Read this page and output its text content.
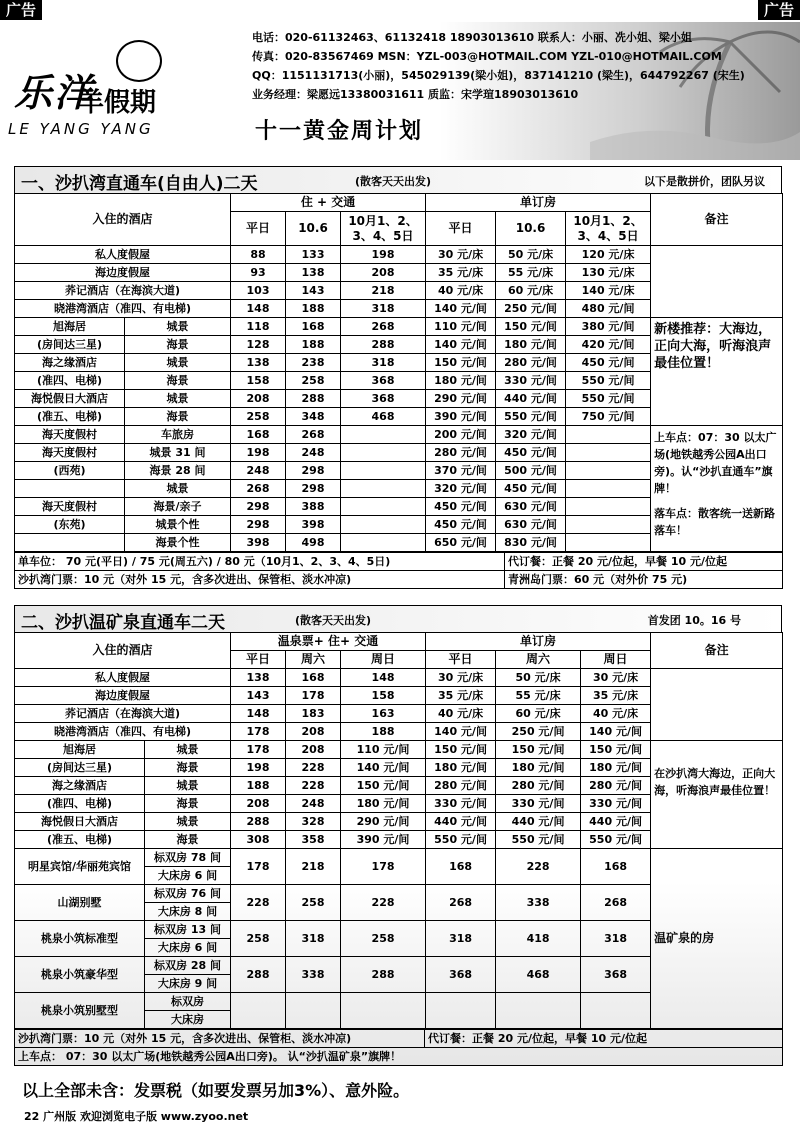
广告	广告
乐洋
羊假期
LE YANG YANG
电话：020-61132463、61132418 18903013610 联系人：小丽、冼小姐、梁小姐
传真：020-83567469 MSN：YZL-003@HOTMAIL.COM YZL-010@HOTMAIL.COM
QQ：1151131713(小丽)，545029139(梁小姐)，837141210 (梁生)，644792267 (宋生)
业务经理：梁愿远13380031611 质监：宋学瑄18903013610
十一黄金周计划
一、沙扒湾直通车(自由人)二天	(散客天天出发)	以下是散拼价，团队另议
入住的酒店		住 + 交通			单订房			备注
		平日	10.6	10月1、2、3、4、5日	平日	10.6	10月1、2、3、4、5日	
私人度假屋		88	133	198	30 元/床	50 元/床	120 元/床	
海边度假屋		93	138	208	35 元/床	55 元/床	130 元/床	
荞记酒店（在海滨大道)		103	143	218	40 元/床	60 元/床	140 元/床	
晓港湾酒店（准四、有电梯)		148	188	318	140 元/间	250 元/间	480 元/间	
旭海居	城景	118	168	268	110 元/间	150 元/间	380 元/间	新楼推荐：大海边，正向大海，听海浪声最佳位置！
(房间达三星)	海景	128	188	288	140 元/间	180 元/间	420 元/间	
海之缘酒店	城景	138	238	318	150 元/间	280 元/间	450 元/间	
(准四、电梯)	海景	158	258	368	180 元/间	330 元/间	550 元/间	
海悦假日大酒店	城景	208	288	368	290 元/间	440 元/间	550 元/间	
(准五、电梯)	海景	258	348	468	390 元/间	550 元/间	750 元/间	
海天度假村	车旅房	168	268		200 元/间	320 元/间		上车点：07：30 以太广场(地铁越秀公园A出口旁)。认“沙扒直通车”旗牌！
落车点：散客统一送新路落车！

海天度假村	城景 31 间	198	248		280 元/间	450 元/间		
(西苑)	海景 28 间	248	298		370 元/间	500 元/间		
	城景	268	298		320 元/间	450 元/间		
海天度假村	海景/亲子	298	388		450 元/间	630 元/间		
(东苑)	城景个性	298	398		450 元/间	630 元/间		
	海景个性	398	498		650 元/间	830 元/间		
单车位： 70 元(平日) / 75 元(周五六) / 80 元（10月1、2、3、4、5日)	代订餐：正餐 20 元/位起，早餐 10 元/位起
沙扒湾门票：10 元（对外 15 元，含多次进出、保管柜、淡水冲凉)	青洲岛门票：60 元（对外价 75 元)
二、沙扒温矿泉直通车二天	(散客天天出发)	首发团 10。16 号
入住的酒店		温泉票+ 住+ 交通			单订房			备注
		平日	周六	周日	平日	周六	周日	
私人度假屋		138	168	148	30 元/床	50 元/床	30 元/床	
海边度假屋		143	178	158	35 元/床	55 元/床	35 元/床	
荞记酒店（在海滨大道)		148	183	163	40 元/床	60 元/床	40 元/床	
晓港湾酒店（准四、有电梯)		178	208	188	140 元/间	250 元/间	140 元/间	
旭海居	城景	178	208	110 元/间	150 元/间	150 元/间	150 元/间	在沙扒湾大海边，正向大海，听海浪声最佳位置！
(房间达三星)	海景	198	228	140 元/间	180 元/间	180 元/间	180 元/间	
海之缘酒店	城景	188	228	150 元/间	280 元/间	280 元/间	280 元/间	
(准四、电梯)	海景	208	248	180 元/间	330 元/间	330 元/间	330 元/间	
海悦假日大酒店	城景	288	328	290 元/间	440 元/间	440 元/间	440 元/间	
(准五、电梯)	海景	308	358	390 元/间	550 元/间	550 元/间	550 元/间	
明星宾馆/华丽苑宾馆	标双房 78 间	178	218	178	168	228	168	温矿泉的房
	大床房 6 间							
山湖别墅	标双房 76 间	228	258	228	268	338	268	
	大床房 8 间							
桃泉小筑标准型	标双房 13 间	258	318	258	318	418	318	
	大床房 6 间							
桃泉小筑豪华型	标双房 28 间	288	338	288	368	468	368	
	大床房 9 间							
桃泉小筑别墅型	标双房							
	大床房							
沙扒湾门票：10 元（对外 15 元，含多次进出、保管柜、淡水冲凉)	代订餐：正餐 20 元/位起，早餐 10 元/位起
上车点： 07：30 以太广场(地铁越秀公园A出口旁)。 认“沙扒温矿泉”旗牌！
以上全部未含：发票税（如要发票另加3%）、意外险。
22 广州版 欢迎浏览电子版 www.zyoo.net
